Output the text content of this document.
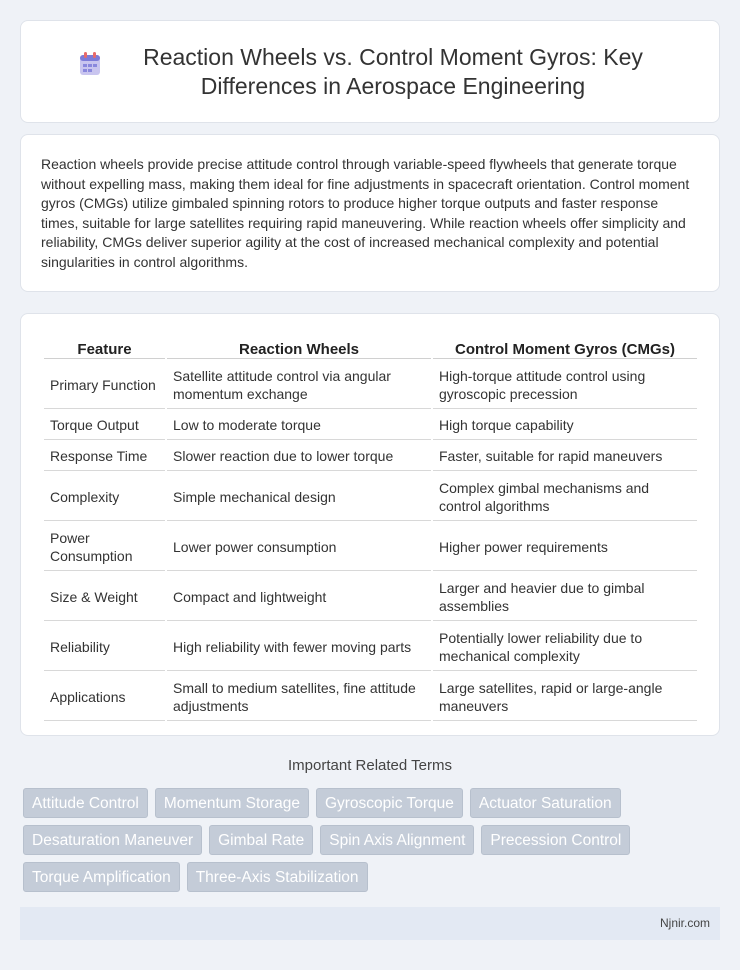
Reaction Wheels vs. Control Moment Gyros: Key Differences in Aerospace Engineering

Reaction wheels provide precise attitude control through variable-speed flywheels that generate torque without expelling mass, making them ideal for fine adjustments in spacecraft orientation. Control moment gyros (CMGs) utilize gimbaled spinning rotors to produce higher torque outputs and faster response times, suitable for large satellites requiring rapid maneuvering. While reaction wheels offer simplicity and reliability, CMGs deliver superior agility at the cost of increased mechanical complexity and potential singularities in control algorithms.

Feature	Reaction Wheels	Control Moment Gyros (CMGs)
Primary Function	Satellite attitude control via angular momentum exchange	High-torque attitude control using gyroscopic precession
Torque Output	Low to moderate torque	High torque capability
Response Time	Slower reaction due to lower torque	Faster, suitable for rapid maneuvers
Complexity	Simple mechanical design	Complex gimbal mechanisms and control algorithms
Power Consumption	Lower power consumption	Higher power requirements
Size & Weight	Compact and lightweight	Larger and heavier due to gimbal assemblies
Reliability	High reliability with fewer moving parts	Potentially lower reliability due to mechanical complexity
Applications	Small to medium satellites, fine attitude adjustments	Large satellites, rapid or large-angle maneuvers
Important Related Terms
Attitude Control	Momentum Storage	Gyroscopic Torque	Actuator Saturation
Desaturation Maneuver	Gimbal Rate	Spin Axis Alignment	Precession Control
Torque Amplification	Three-Axis Stabilization
Njnir.com
